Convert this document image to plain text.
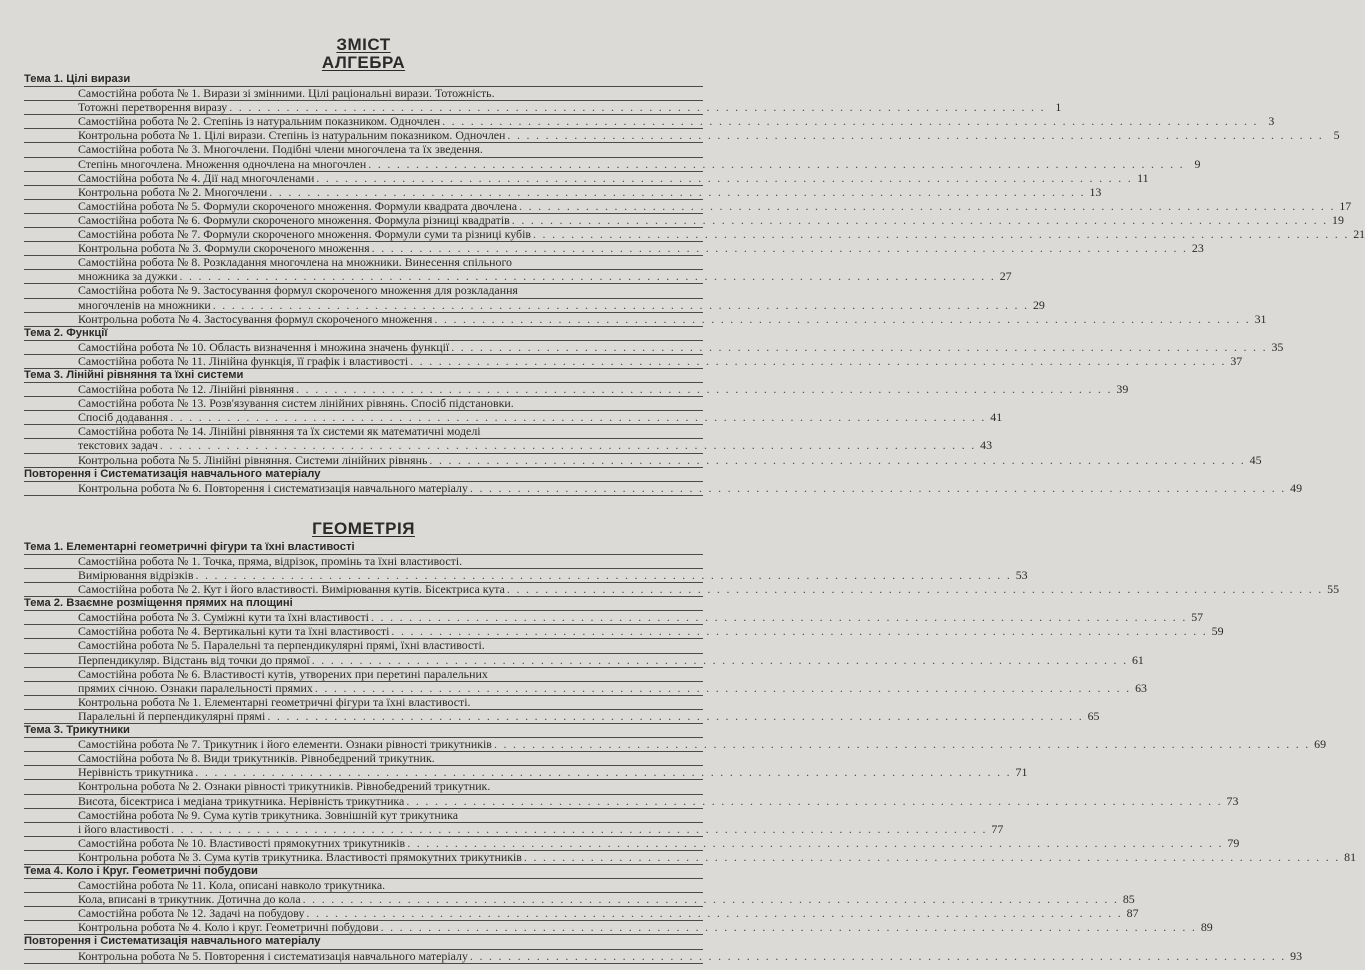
ЗМІСТ
АЛГЕБРА
Тема 1. Цілі вирази
Самостійна робота № 1. Вирази зі змінними. Цілі раціональні вирази. Тотожність.
Тотожні перетворення виразу . . . . . . . . . . . . . . . . . . . . . . . . . . . . . . . . . . . . . . . . . . . . . . . . . . . . . . . . . . . . . . . . . . . . . . . . . . . . . . . . . . . . . . 1
Самостійна робота № 2. Степінь із натуральним показником. Одночлен . . . . . . . . . . . . . . . . . . . . . . . . . . . . . . . . . . . . . . . . . . . . . . . . . . . . . . . . . . . . . . . . . . . . . . . . . . . . . . . . . . . . . . 3
Контрольна робота № 1. Цілі вирази. Степінь із натуральним показником. Одночлен . . . . . . . . . . . . . . . . . . . . . . . . . . . . . . . . . . . . . . . . . . . . . . . . . . . . . . . . . . . . . . . . . . . . . . . . . . . . . . . . . . . . . . 5
Самостійна робота № 3. Многочлени. Подібні члени многочлена та їх зведення.
Степінь многочлена. Множення одночлена на многочлен . . . . . . . . . . . . . . . . . . . . . . . . . . . . . . . . . . . . . . . . . . . . . . . . . . . . . . . . . . . . . . . . . . . . . . . . . . . . . . . . . . . . . . 9
Самостійна робота № 4. Дії над многочленами . . . . . . . . . . . . . . . . . . . . . . . . . . . . . . . . . . . . . . . . . . . . . . . . . . . . . . . . . . . . . . . . . . . . . . . . . . . . . . . . . . . . . . 11
Контрольна робота № 2. Многочлени . . . . . . . . . . . . . . . . . . . . . . . . . . . . . . . . . . . . . . . . . . . . . . . . . . . . . . . . . . . . . . . . . . . . . . . . . . . . . . . . . . . . . . 13
Самостійна робота № 5. Формули скороченого множення. Формули квадрата двочлена . . . . . . . . . . . . . . . . . . . . . . . . . . . . . . . . . . . . . . . . . . . . . . . . . . . . . . . . . . . . . . . . . . . . . . . . . . . . . . . . . . . . . . 17
Самостійна робота № 6. Формули скороченого множення. Формула різниці квадратів . . . . . . . . . . . . . . . . . . . . . . . . . . . . . . . . . . . . . . . . . . . . . . . . . . . . . . . . . . . . . . . . . . . . . . . . . . . . . . . . . . . . . . 19
Самостійна робота № 7. Формули скороченого множення. Формули суми та різниці кубів . . . . . . . . . . . . . . . . . . . . . . . . . . . . . . . . . . . . . . . . . . . . . . . . . . . . . . . . . . . . . . . . . . . . . . . . . . . . . . . . . . . . . . 21
Контрольна робота № 3. Формули скороченого множення . . . . . . . . . . . . . . . . . . . . . . . . . . . . . . . . . . . . . . . . . . . . . . . . . . . . . . . . . . . . . . . . . . . . . . . . . . . . . . . . . . . . . . 23
Самостійна робота № 8. Розкладання многочлена на множники. Винесення спільного
множника за дужки . . . . . . . . . . . . . . . . . . . . . . . . . . . . . . . . . . . . . . . . . . . . . . . . . . . . . . . . . . . . . . . . . . . . . . . . . . . . . . . . . . . . . . 27
Самостійна робота № 9. Застосування формул скороченого множення для розкладання
многочленів на множники . . . . . . . . . . . . . . . . . . . . . . . . . . . . . . . . . . . . . . . . . . . . . . . . . . . . . . . . . . . . . . . . . . . . . . . . . . . . . . . . . . . . . . 29
Контрольна робота № 4. Застосування формул скороченого множення . . . . . . . . . . . . . . . . . . . . . . . . . . . . . . . . . . . . . . . . . . . . . . . . . . . . . . . . . . . . . . . . . . . . . . . . . . . . . . . . . . . . . . 31
Тема 2. Функції
Самостійна робота № 10. Область визначення і множина значень функції . . . . . . . . . . . . . . . . . . . . . . . . . . . . . . . . . . . . . . . . . . . . . . . . . . . . . . . . . . . . . . . . . . . . . . . . . . . . . . . . . . . . . . 35
Самостійна робота № 11. Лінійна функція, її графік і властивості . . . . . . . . . . . . . . . . . . . . . . . . . . . . . . . . . . . . . . . . . . . . . . . . . . . . . . . . . . . . . . . . . . . . . . . . . . . . . . . . . . . . . . 37
Тема 3. Лінійні рівняння та їхні системи
Самостійна робота № 12. Лінійні рівняння . . . . . . . . . . . . . . . . . . . . . . . . . . . . . . . . . . . . . . . . . . . . . . . . . . . . . . . . . . . . . . . . . . . . . . . . . . . . . . . . . . . . . . 39
Самостійна робота № 13. Розв'язування систем лінійних рівнянь. Спосіб підстановки.
Спосіб додавання . . . . . . . . . . . . . . . . . . . . . . . . . . . . . . . . . . . . . . . . . . . . . . . . . . . . . . . . . . . . . . . . . . . . . . . . . . . . . . . . . . . . . . 41
Самостійна робота № 14. Лінійні рівняння та їх системи як математичні моделі
текстових задач . . . . . . . . . . . . . . . . . . . . . . . . . . . . . . . . . . . . . . . . . . . . . . . . . . . . . . . . . . . . . . . . . . . . . . . . . . . . . . . . . . . . . . 43
Контрольна робота № 5. Лінійні рівняння. Системи лінійних рівнянь . . . . . . . . . . . . . . . . . . . . . . . . . . . . . . . . . . . . . . . . . . . . . . . . . . . . . . . . . . . . . . . . . . . . . . . . . . . . . . . . . . . . . . 45
Повторення і Систематизація навчального матеріалу
Контрольна робота № 6. Повторення і систематизація навчального матеріалу . . . . . . . . . . . . . . . . . . . . . . . . . . . . . . . . . . . . . . . . . . . . . . . . . . . . . . . . . . . . . . . . . . . . . . . . . . . . . . . . . . . . . . 49
ГЕОМЕТРІЯ
Тема 1. Елементарні геометричні фігури та їхні властивості
Самостійна робота № 1. Точка, пряма, відрізок, промінь та їхні властивості.
Вимірювання відрізків . . . . . . . . . . . . . . . . . . . . . . . . . . . . . . . . . . . . . . . . . . . . . . . . . . . . . . . . . . . . . . . . . . . . . . . . . . . . . . . . . . . . . . 53
Самостійна робота № 2. Кут і його властивості. Вимірювання кутів. Бісектриса кута . . . . . . . . . . . . . . . . . . . . . . . . . . . . . . . . . . . . . . . . . . . . . . . . . . . . . . . . . . . . . . . . . . . . . . . . . . . . . . . . . . . . . . 55
Тема 2. Взаємне розміщення прямих на площині
Самостійна робота № 3. Суміжні кути та їхні властивості . . . . . . . . . . . . . . . . . . . . . . . . . . . . . . . . . . . . . . . . . . . . . . . . . . . . . . . . . . . . . . . . . . . . . . . . . . . . . . . . . . . . . . 57
Самостійна робота № 4. Вертикальні кути та їхні властивості . . . . . . . . . . . . . . . . . . . . . . . . . . . . . . . . . . . . . . . . . . . . . . . . . . . . . . . . . . . . . . . . . . . . . . . . . . . . . . . . . . . . . . 59
Самостійна робота № 5. Паралельні та перпендикулярні прямі, їхні властивості.
Перпендикуляр. Відстань від точки до прямої . . . . . . . . . . . . . . . . . . . . . . . . . . . . . . . . . . . . . . . . . . . . . . . . . . . . . . . . . . . . . . . . . . . . . . . . . . . . . . . . . . . . . . 61
Самостійна робота № 6. Властивості кутів, утворених при перетині паралельних
прямих січною. Ознаки паралельності прямих . . . . . . . . . . . . . . . . . . . . . . . . . . . . . . . . . . . . . . . . . . . . . . . . . . . . . . . . . . . . . . . . . . . . . . . . . . . . . . . . . . . . . . 63
Контрольна робота № 1. Елементарні геометричні фігури та їхні властивості.
Паралельні й перпендикулярні прямі . . . . . . . . . . . . . . . . . . . . . . . . . . . . . . . . . . . . . . . . . . . . . . . . . . . . . . . . . . . . . . . . . . . . . . . . . . . . . . . . . . . . . . 65
Тема 3. Трикутники
Самостійна робота № 7. Трикутник і його елементи. Ознаки рівності трикутників . . . . . . . . . . . . . . . . . . . . . . . . . . . . . . . . . . . . . . . . . . . . . . . . . . . . . . . . . . . . . . . . . . . . . . . . . . . . . . . . . . . . . . 69
Самостійна робота № 8. Види трикутників. Рівнобедрений трикутник.
Нерівність трикутника . . . . . . . . . . . . . . . . . . . . . . . . . . . . . . . . . . . . . . . . . . . . . . . . . . . . . . . . . . . . . . . . . . . . . . . . . . . . . . . . . . . . . . 71
Контрольна робота № 2. Ознаки рівності трикутників. Рівнобедрений трикутник.
Висота, бісектриса і медіана трикутника. Нерівність трикутника . . . . . . . . . . . . . . . . . . . . . . . . . . . . . . . . . . . . . . . . . . . . . . . . . . . . . . . . . . . . . . . . . . . . . . . . . . . . . . . . . . . . . . 73
Самостійна робота № 9. Сума кутів трикутника. Зовнішній кут трикутника
і його властивості . . . . . . . . . . . . . . . . . . . . . . . . . . . . . . . . . . . . . . . . . . . . . . . . . . . . . . . . . . . . . . . . . . . . . . . . . . . . . . . . . . . . . . 77
Самостійна робота № 10. Властивості прямокутних трикутників . . . . . . . . . . . . . . . . . . . . . . . . . . . . . . . . . . . . . . . . . . . . . . . . . . . . . . . . . . . . . . . . . . . . . . . . . . . . . . . . . . . . . . 79
Контрольна робота № 3. Сума кутів трикутника. Властивості прямокутних трикутників . . . . . . . . . . . . . . . . . . . . . . . . . . . . . . . . . . . . . . . . . . . . . . . . . . . . . . . . . . . . . . . . . . . . . . . . . . . . . . . . . . . . . . 81
Тема 4. Коло і Круг. Геометричні побудови
Самостійна робота № 11. Кола, описані навколо трикутника.
Кола, вписані в трикутник. Дотична до кола . . . . . . . . . . . . . . . . . . . . . . . . . . . . . . . . . . . . . . . . . . . . . . . . . . . . . . . . . . . . . . . . . . . . . . . . . . . . . . . . . . . . . . 85
Самостійна робота № 12. Задачі на побудову . . . . . . . . . . . . . . . . . . . . . . . . . . . . . . . . . . . . . . . . . . . . . . . . . . . . . . . . . . . . . . . . . . . . . . . . . . . . . . . . . . . . . . 87
Контрольна робота № 4. Коло і круг. Геометричні побудови . . . . . . . . . . . . . . . . . . . . . . . . . . . . . . . . . . . . . . . . . . . . . . . . . . . . . . . . . . . . . . . . . . . . . . . . . . . . . . . . . . . . . . 89
Повторення і Систематизація навчального матеріалу
Контрольна робота № 5. Повторення і систематизація навчального матеріалу . . . . . . . . . . . . . . . . . . . . . . . . . . . . . . . . . . . . . . . . . . . . . . . . . . . . . . . . . . . . . . . . . . . . . . . . . . . . . . . . . . . . . . 93
